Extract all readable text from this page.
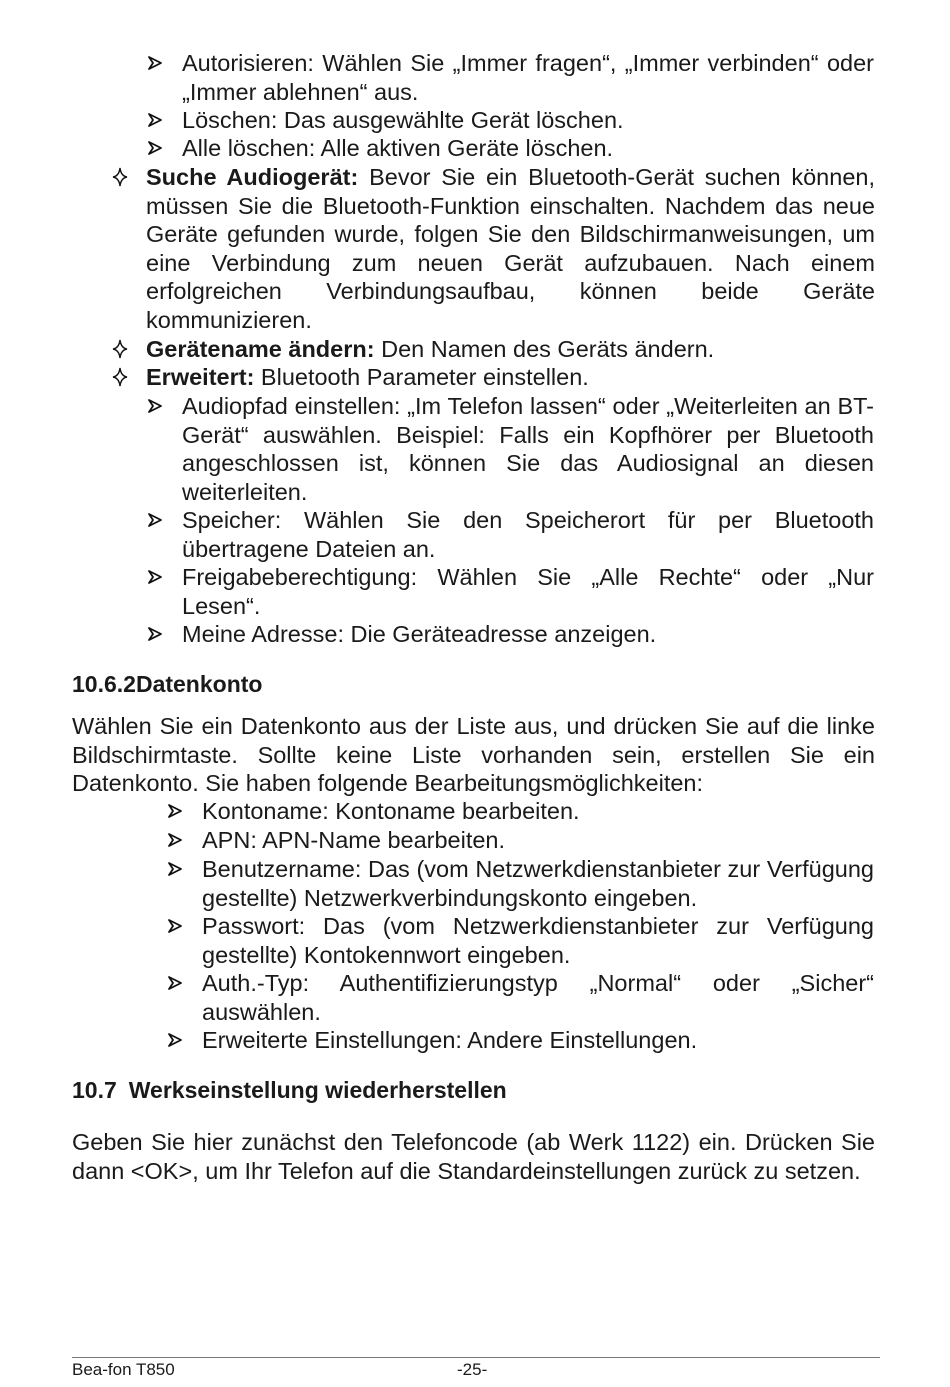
Autorisieren: Wählen Sie „Immer fragen“, „Immer verbinden“ oder „Immer ablehnen“ aus.
Löschen: Das ausgewählte Gerät löschen.
Alle löschen: Alle aktiven Geräte löschen.
Suche Audiogerät: Bevor Sie ein Bluetooth-Gerät suchen können, müssen Sie die Bluetooth-Funktion einschalten. Nachdem das neue Geräte gefunden wurde, folgen Sie den Bildschirmanweisungen, um eine Verbindung zum neuen Gerät aufzubauen. Nach einem erfolgreichen Verbindungsaufbau, können beide Geräte kommunizieren.
Gerätename ändern: Den Namen des Geräts ändern.
Erweitert: Bluetooth Parameter einstellen.
Audiopfad einstellen: „Im Telefon lassen“ oder „Weiterleiten an BT-Gerät“ auswählen. Beispiel: Falls ein Kopfhörer per Bluetooth angeschlossen ist, können Sie das Audiosignal an diesen weiterleiten.
Speicher: Wählen Sie den Speicherort für per Bluetooth übertragene Dateien an.
Freigabeberechtigung: Wählen Sie „Alle Rechte“ oder „Nur Lesen“.
Meine Adresse: Die Geräteadresse anzeigen.
10.6.2Datenkonto
Wählen Sie ein Datenkonto aus der Liste aus, und drücken Sie auf die linke Bildschirmtaste. Sollte keine Liste vorhanden sein, erstellen Sie ein Datenkonto. Sie haben folgende Bearbeitungsmöglichkeiten:
Kontoname: Kontoname bearbeiten.
APN: APN-Name bearbeiten.
Benutzername: Das (vom Netzwerkdienstanbieter zur Verfügung gestellte) Netzwerkverbindungskonto eingeben.
Passwort: Das (vom Netzwerkdienstanbieter zur Verfügung gestellte) Kontokennwort eingeben.
Auth.-Typ: Authentifizierungstyp „Normal“ oder „Sicher“ auswählen.
Erweiterte Einstellungen: Andere Einstellungen.
10.7 Werkseinstellung wiederherstellen
Geben Sie hier zunächst den Telefoncode (ab Werk 1122) ein. Drücken Sie dann <OK>, um Ihr Telefon auf die Standardeinstellungen zurück zu setzen.
Bea-fon T850	-25-
